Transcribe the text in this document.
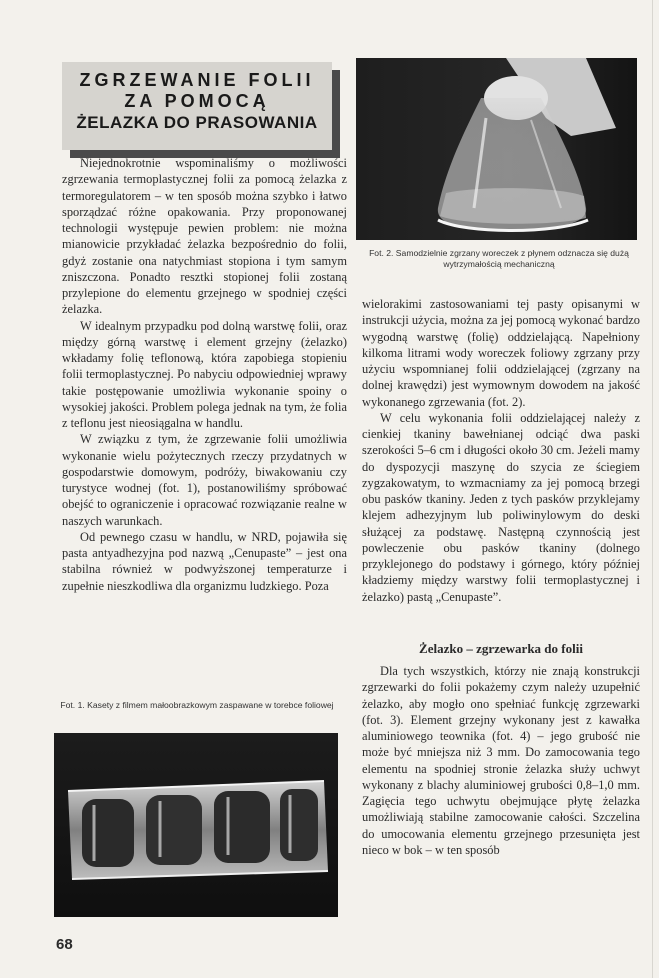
ZGRZEWANIE FOLII
ZA POMOCĄ
ŻELAZKA DO PRASOWANIA

Niejednokrotnie wspominaliśmy o możliwości zgrzewania termoplastycznej folii za pomocą żelazka z termoregulatorem – w ten sposób można szybko i łatwo sporządzać różne opakowania. Przy proponowanej technologii występuje pewien problem: nie można mianowicie przykładać żelazka bezpośrednio do folii, gdyż zostanie ona natychmiast stopiona i tym samym zniszczona. Ponadto resztki stopionej folii zostaną przylepione do elementu grzejnego w spodniej części żelazka.

W idealnym przypadku pod dolną warstwę folii, oraz między górną warstwę i element grzejny (żelazko) wkładamy folię teflonową, która zapobiega stopieniu folii termoplastycznej. Po nabyciu odpowiedniej wprawy takie postępowanie umożliwia wykonanie spoiny o wysokiej jakości. Problem polega jednak na tym, że folia z teflonu jest nieosiągalna w handlu.

W związku z tym, że zgrzewanie folii umożliwia wykonanie wielu pożytecznych rzeczy przydatnych w gospodarstwie domowym, podróży, biwakowaniu czy turystyce wodnej (fot. 1), postanowiliśmy spróbować obejść to ograniczenie i opracować rozwiązanie realne w naszych warunkach.

Od pewnego czasu w handlu, w NRD, pojawiła się pasta antyadhezyjna pod nazwą „Cenupaste” – jest ona stabilna również w podwyższonej temperaturze i zupełnie nieszkodliwa dla organizmu ludzkiego. Poza

Fot. 2. Samodzielnie zgrzany woreczek z płynem odznacza się dużą wytrzymałością mechaniczną

wielorakimi zastosowaniami tej pasty opisanymi w instrukcji użycia, można za jej pomocą wykonać bardzo wygodną warstwę (folię) oddzielającą. Napełniony kilkoma litrami wody woreczek foliowy zgrzany przy użyciu wspomnianej folii oddzielającej (zgrzany na dolnej krawędzi) jest wymownym dowodem na jakość wykonanego zgrzewania (fot. 2).

W celu wykonania folii oddzielającej należy z cienkiej tkaniny bawełnianej odciąć dwa paski szerokości 5–6 cm i długości około 30 cm. Jeżeli mamy do dyspozycji maszynę do szycia ze ściegiem zygzakowatym, to wzmacniamy za jej pomocą brzegi obu pasków tkaniny. Jeden z tych pasków przyklejamy klejem adhezyjnym lub poliwinylowym do deski służącej za podstawę. Następną czynnością jest powleczenie obu pasków tkaniny (dolnego przyklejonego do podstawy i górnego, który później kładziemy między warstwy folii termoplastycznej i żelazko) pastą „Cenupaste”.

Żelazko – zgrzewarka do folii

Dla tych wszystkich, którzy nie znają konstrukcji zgrzewarki do folii pokażemy czym należy uzupełnić żelazko, aby mogło ono spełniać funkcję zgrzewarki (fot. 3). Element grzejny wykonany jest z kawałka aluminiowego teownika (fot. 4) – jego grubość nie może być mniejsza niż 3 mm. Do zamocowania tego elementu na spodniej stronie żelazka służy uchwyt wykonany z blachy aluminiowej grubości 0,8–1,0 mm. Zagięcia tego uchwytu obejmujące płytę żelazka umożliwiają stabilne zamocowanie całości. Szczelina do umocowania elementu grzejnego przesunięta jest nieco w bok – w ten sposób

Fot. 1. Kasety z filmem małoobrazkowym zaspawane w torebce foliowej
68
